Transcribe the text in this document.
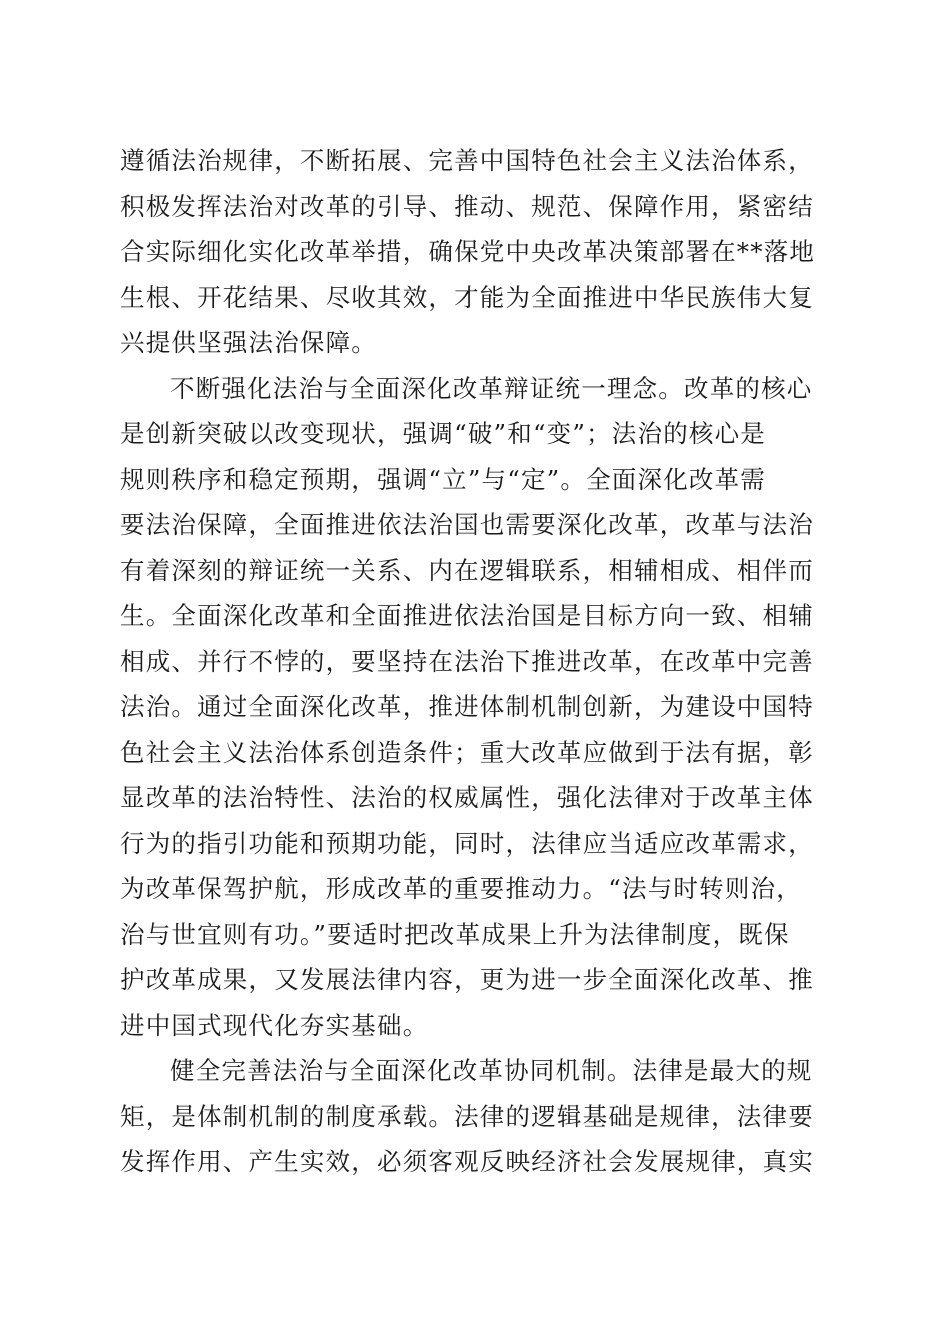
遵循法治规律，不断拓展、完善中国特色社会主义法治体系，
积极发挥法治对改革的引导、推动、规范、保障作用，紧密结
合实际细化实化改革举措，确保党中央改革决策部署在**落地
生根、开花结果、尽收其效，才能为全面推进中华民族伟大复
兴提供坚强法治保障。
不断强化法治与全面深化改革辩证统一理念。改革的核心
是创新突破以改变现状，强调“破”和“变”；法治的核心是
规则秩序和稳定预期，强调“立”与“定”。全面深化改革需
要法治保障，全面推进依法治国也需要深化改革，改革与法治
有着深刻的辩证统一关系、内在逻辑联系，相辅相成、相伴而
生。全面深化改革和全面推进依法治国是目标方向一致、相辅
相成、并行不悖的，要坚持在法治下推进改革，在改革中完善
法治。通过全面深化改革，推进体制机制创新，为建设中国特
色社会主义法治体系创造条件；重大改革应做到于法有据，彰
显改革的法治特性、法治的权威属性，强化法律对于改革主体
行为的指引功能和预期功能，同时，法律应当适应改革需求，
为改革保驾护航，形成改革的重要推动力。“法与时转则治，
治与世宜则有功。”要适时把改革成果上升为法律制度，既保
护改革成果，又发展法律内容，更为进一步全面深化改革、推
进中国式现代化夯实基础。
健全完善法治与全面深化改革协同机制。法律是最大的规
矩，是体制机制的制度承载。法律的逻辑基础是规律，法律要
发挥作用、产生实效，必须客观反映经济社会发展规律，真实
